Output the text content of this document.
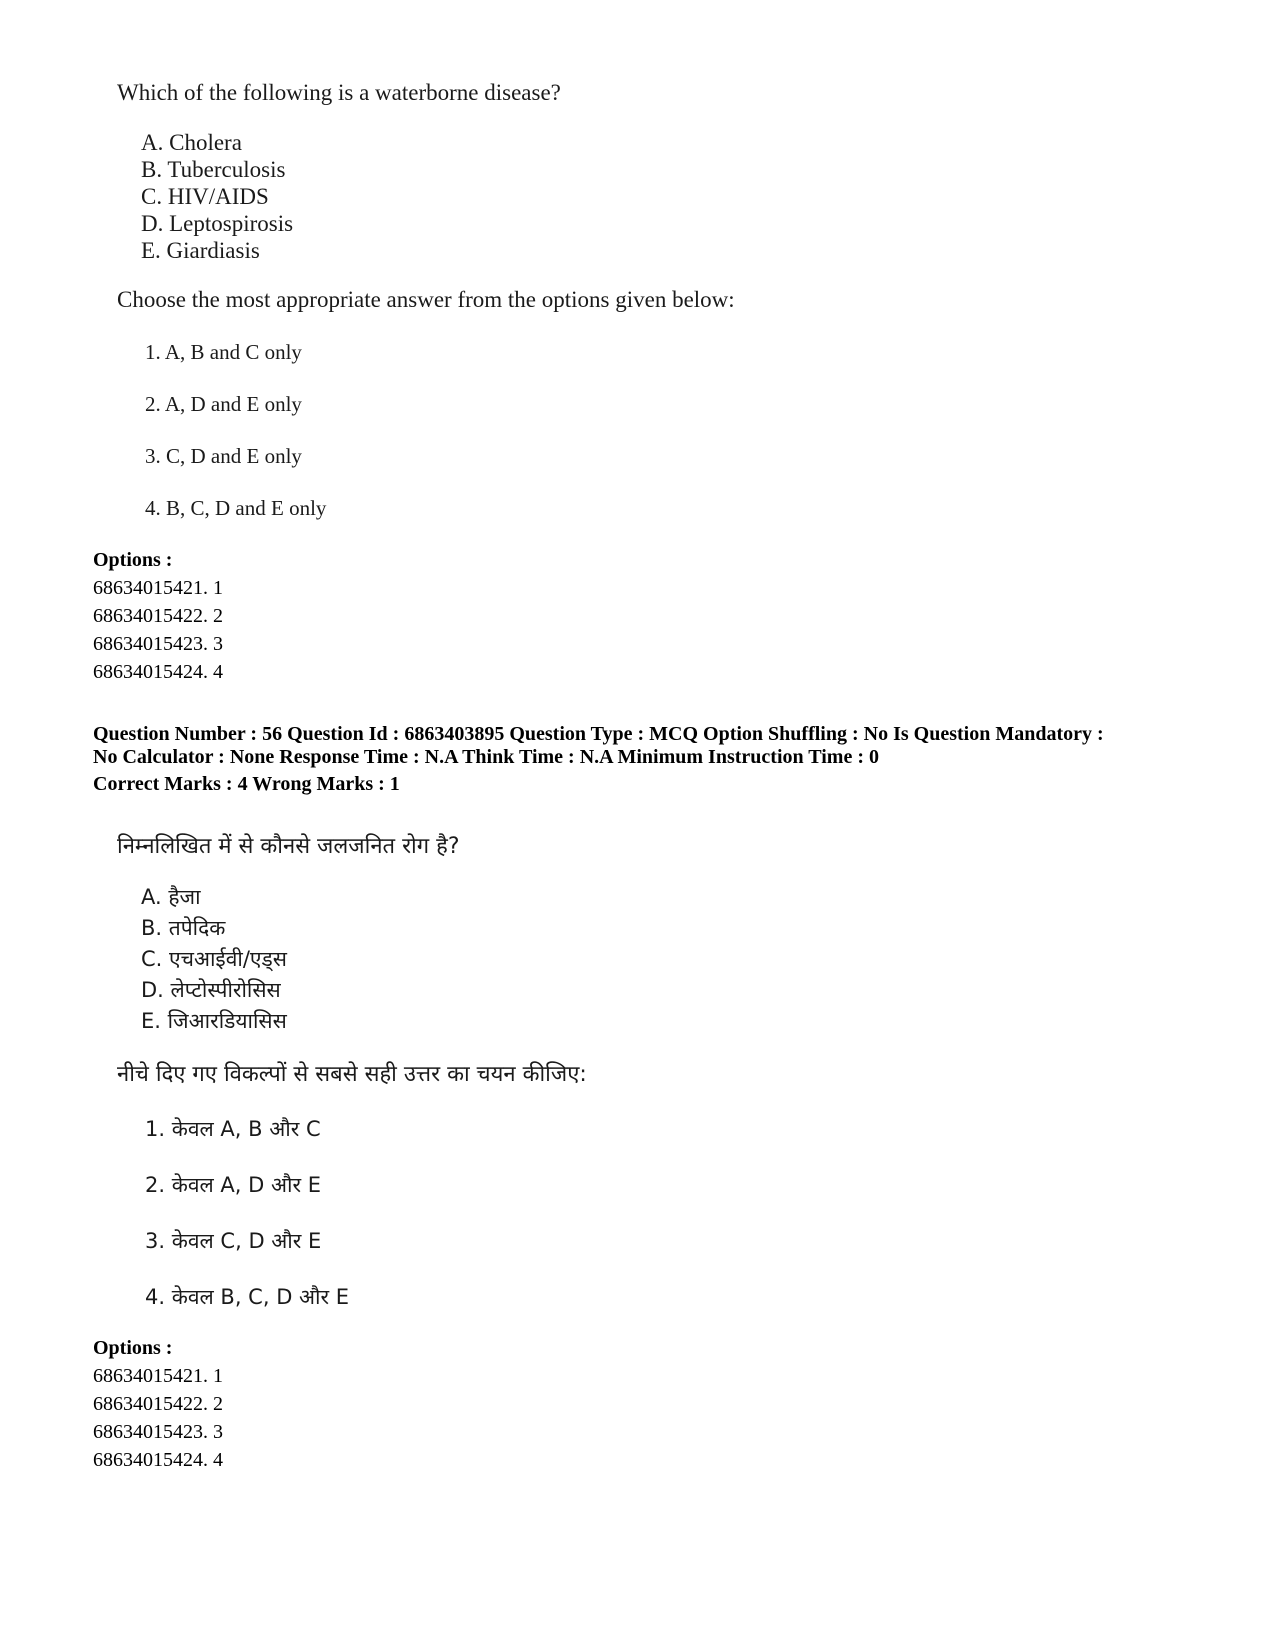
Which of the following is a waterborne disease?
A. Cholera
B. Tuberculosis
C. HIV/AIDS
D. Leptospirosis
E. Giardiasis
Choose the most appropriate answer from the options given below:
1. A, B and C only
2. A, D and E only
3. C, D and E only
4. B, C, D and E only
Options :
68634015421. 1
68634015422. 2
68634015423. 3
68634015424. 4
Question Number : 56 Question Id : 6863403895 Question Type : MCQ Option Shuffling : No Is Question Mandatory :
No Calculator : None Response Time : N.A Think Time : N.A Minimum Instruction Time : 0
Correct Marks : 4 Wrong Marks : 1
निम्नलिखित में से कौनसे जलजनित रोग है?
A. हैजा
B. तपेदिक
C. एचआईवी/एड्स
D. लेप्टोस्पीरोसिस
E. जिआरडियासिस
नीचे दिए गए विकल्पों से सबसे सही उत्तर का चयन कीजिए:
1. केवल A, B और C
2. केवल A, D और E
3. केवल C, D और E
4. केवल B, C, D और E
Options :
68634015421. 1
68634015422. 2
68634015423. 3
68634015424. 4
